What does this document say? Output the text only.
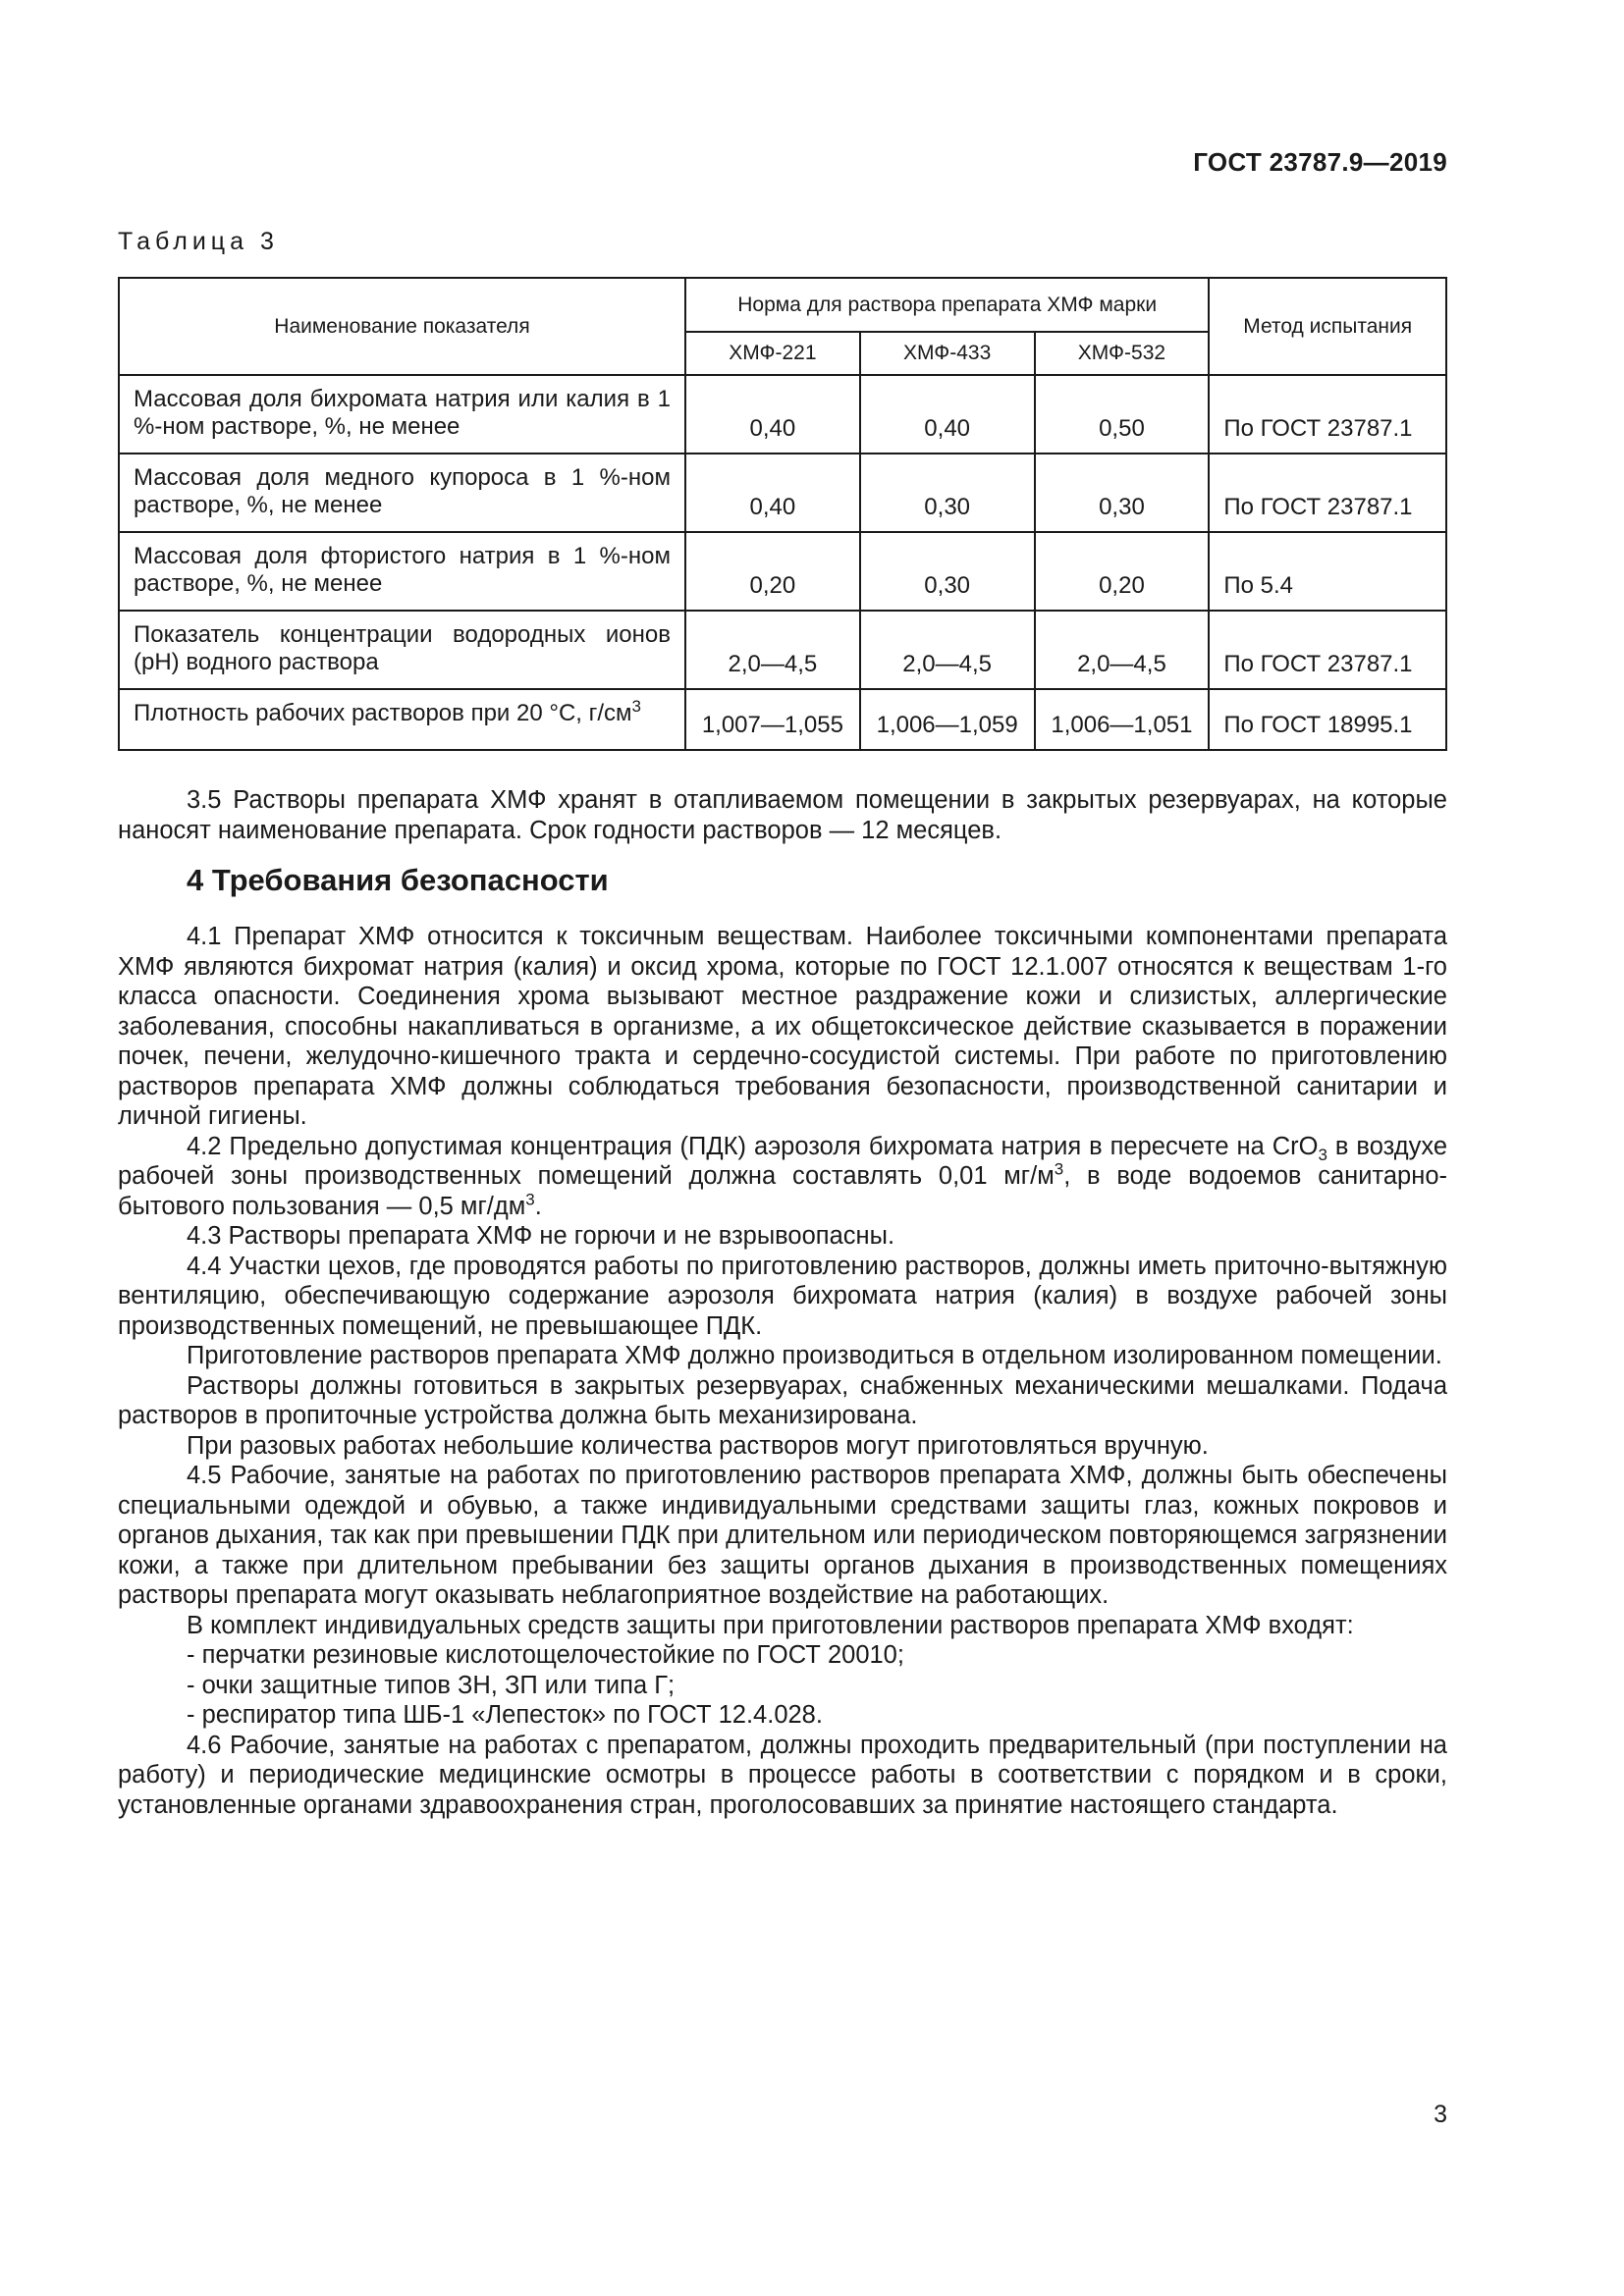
ГОСТ 23787.9—2019
Таблица 3
Наименование показателя	Норма для раствора препарата ХМФ марки			Метод испытания
	ХМФ-221	ХМФ-433	ХМФ-532	
Массовая доля бихромата натрия или калия в 1 %-ном растворе, %, не менее	0,40	0,40	0,50	По ГОСТ 23787.1
Массовая доля медного купороса в 1 %-ном растворе, %, не менее	0,40	0,30	0,30	По ГОСТ 23787.1
Массовая доля фтористого натрия в 1 %-ном растворе, %, не менее	0,20	0,30	0,20	По 5.4
Показатель концентрации водородных ионов (рН) водного раствора	2,0—4,5	2,0—4,5	2,0—4,5	По ГОСТ 23787.1
Плотность рабочих растворов при 20 °С, $г/см^3$	1,007—1,055	1,006—1,059	1,006—1,051	По ГОСТ 18995.1

3.5 Растворы препарата ХМФ хранят в отапливаемом помещении в закрытых резервуарах, на которые наносят наименование препарата. Срок годности растворов — 12 месяцев.

4 Требования безопасности

4.1 Препарат ХМФ относится к токсичным веществам. Наиболее токсичными компонентами препарата ХМФ являются бихромат натрия (калия) и оксид хрома, которые по ГОСТ 12.1.007 относятся к веществам 1-го класса опасности. Соединения хрома вызывают местное раздражение кожи и слизистых, аллергические заболевания, способны накапливаться в организме, а их общетоксическое действие сказывается в поражении почек, печени, желудочно-кишечного тракта и сердечно-сосудистой системы. При работе по приготовлению растворов препарата ХМФ должны соблюдаться требования безопасности, производственной санитарии и личной гигиены.

4.2 Предельно допустимая концентрация (ПДК) аэрозоля бихромата натрия в пересчете на CrO$_3$ в воздухе рабочей зоны производственных помещений должна составлять 0,01 $мг/м^3$, в воде водоемов санитарно-бытового пользования — 0,5 $мг/дм^3$.

4.3 Растворы препарата ХМФ не горючи и не взрывоопасны.

4.4 Участки цехов, где проводятся работы по приготовлению растворов, должны иметь приточно-вытяжную вентиляцию, обеспечивающую содержание аэрозоля бихромата натрия (калия) в воздухе рабочей зоны производственных помещений, не превышающее ПДК.

Приготовление растворов препарата ХМФ должно производиться в отдельном изолированном помещении.

Растворы должны готовиться в закрытых резервуарах, снабженных механическими мешалками. Подача растворов в пропиточные устройства должна быть механизирована.

При разовых работах небольшие количества растворов могут приготовляться вручную.

4.5 Рабочие, занятые на работах по приготовлению растворов препарата ХМФ, должны быть обеспечены специальными одеждой и обувью, а также индивидуальными средствами защиты глаз, кожных покровов и органов дыхания, так как при превышении ПДК при длительном или периодическом повторяющемся загрязнении кожи, а также при длительном пребывании без защиты органов дыхания в производственных помещениях растворы препарата могут оказывать неблагоприятное воздействие на работающих.

В комплект индивидуальных средств защиты при приготовлении растворов препарата ХМФ входят:

- перчатки резиновые кислотощелочестойкие по ГОСТ 20010;

- очки защитные типов ЗН, ЗП или типа Г;

- респиратор типа ШБ-1 «Лепесток» по ГОСТ 12.4.028.

4.6 Рабочие, занятые на работах с препаратом, должны проходить предварительный (при поступлении на работу) и периодические медицинские осмотры в процессе работы в соответствии с порядком и в сроки, установленные органами здравоохранения стран, проголосовавших за принятие настоящего стандарта.

3
